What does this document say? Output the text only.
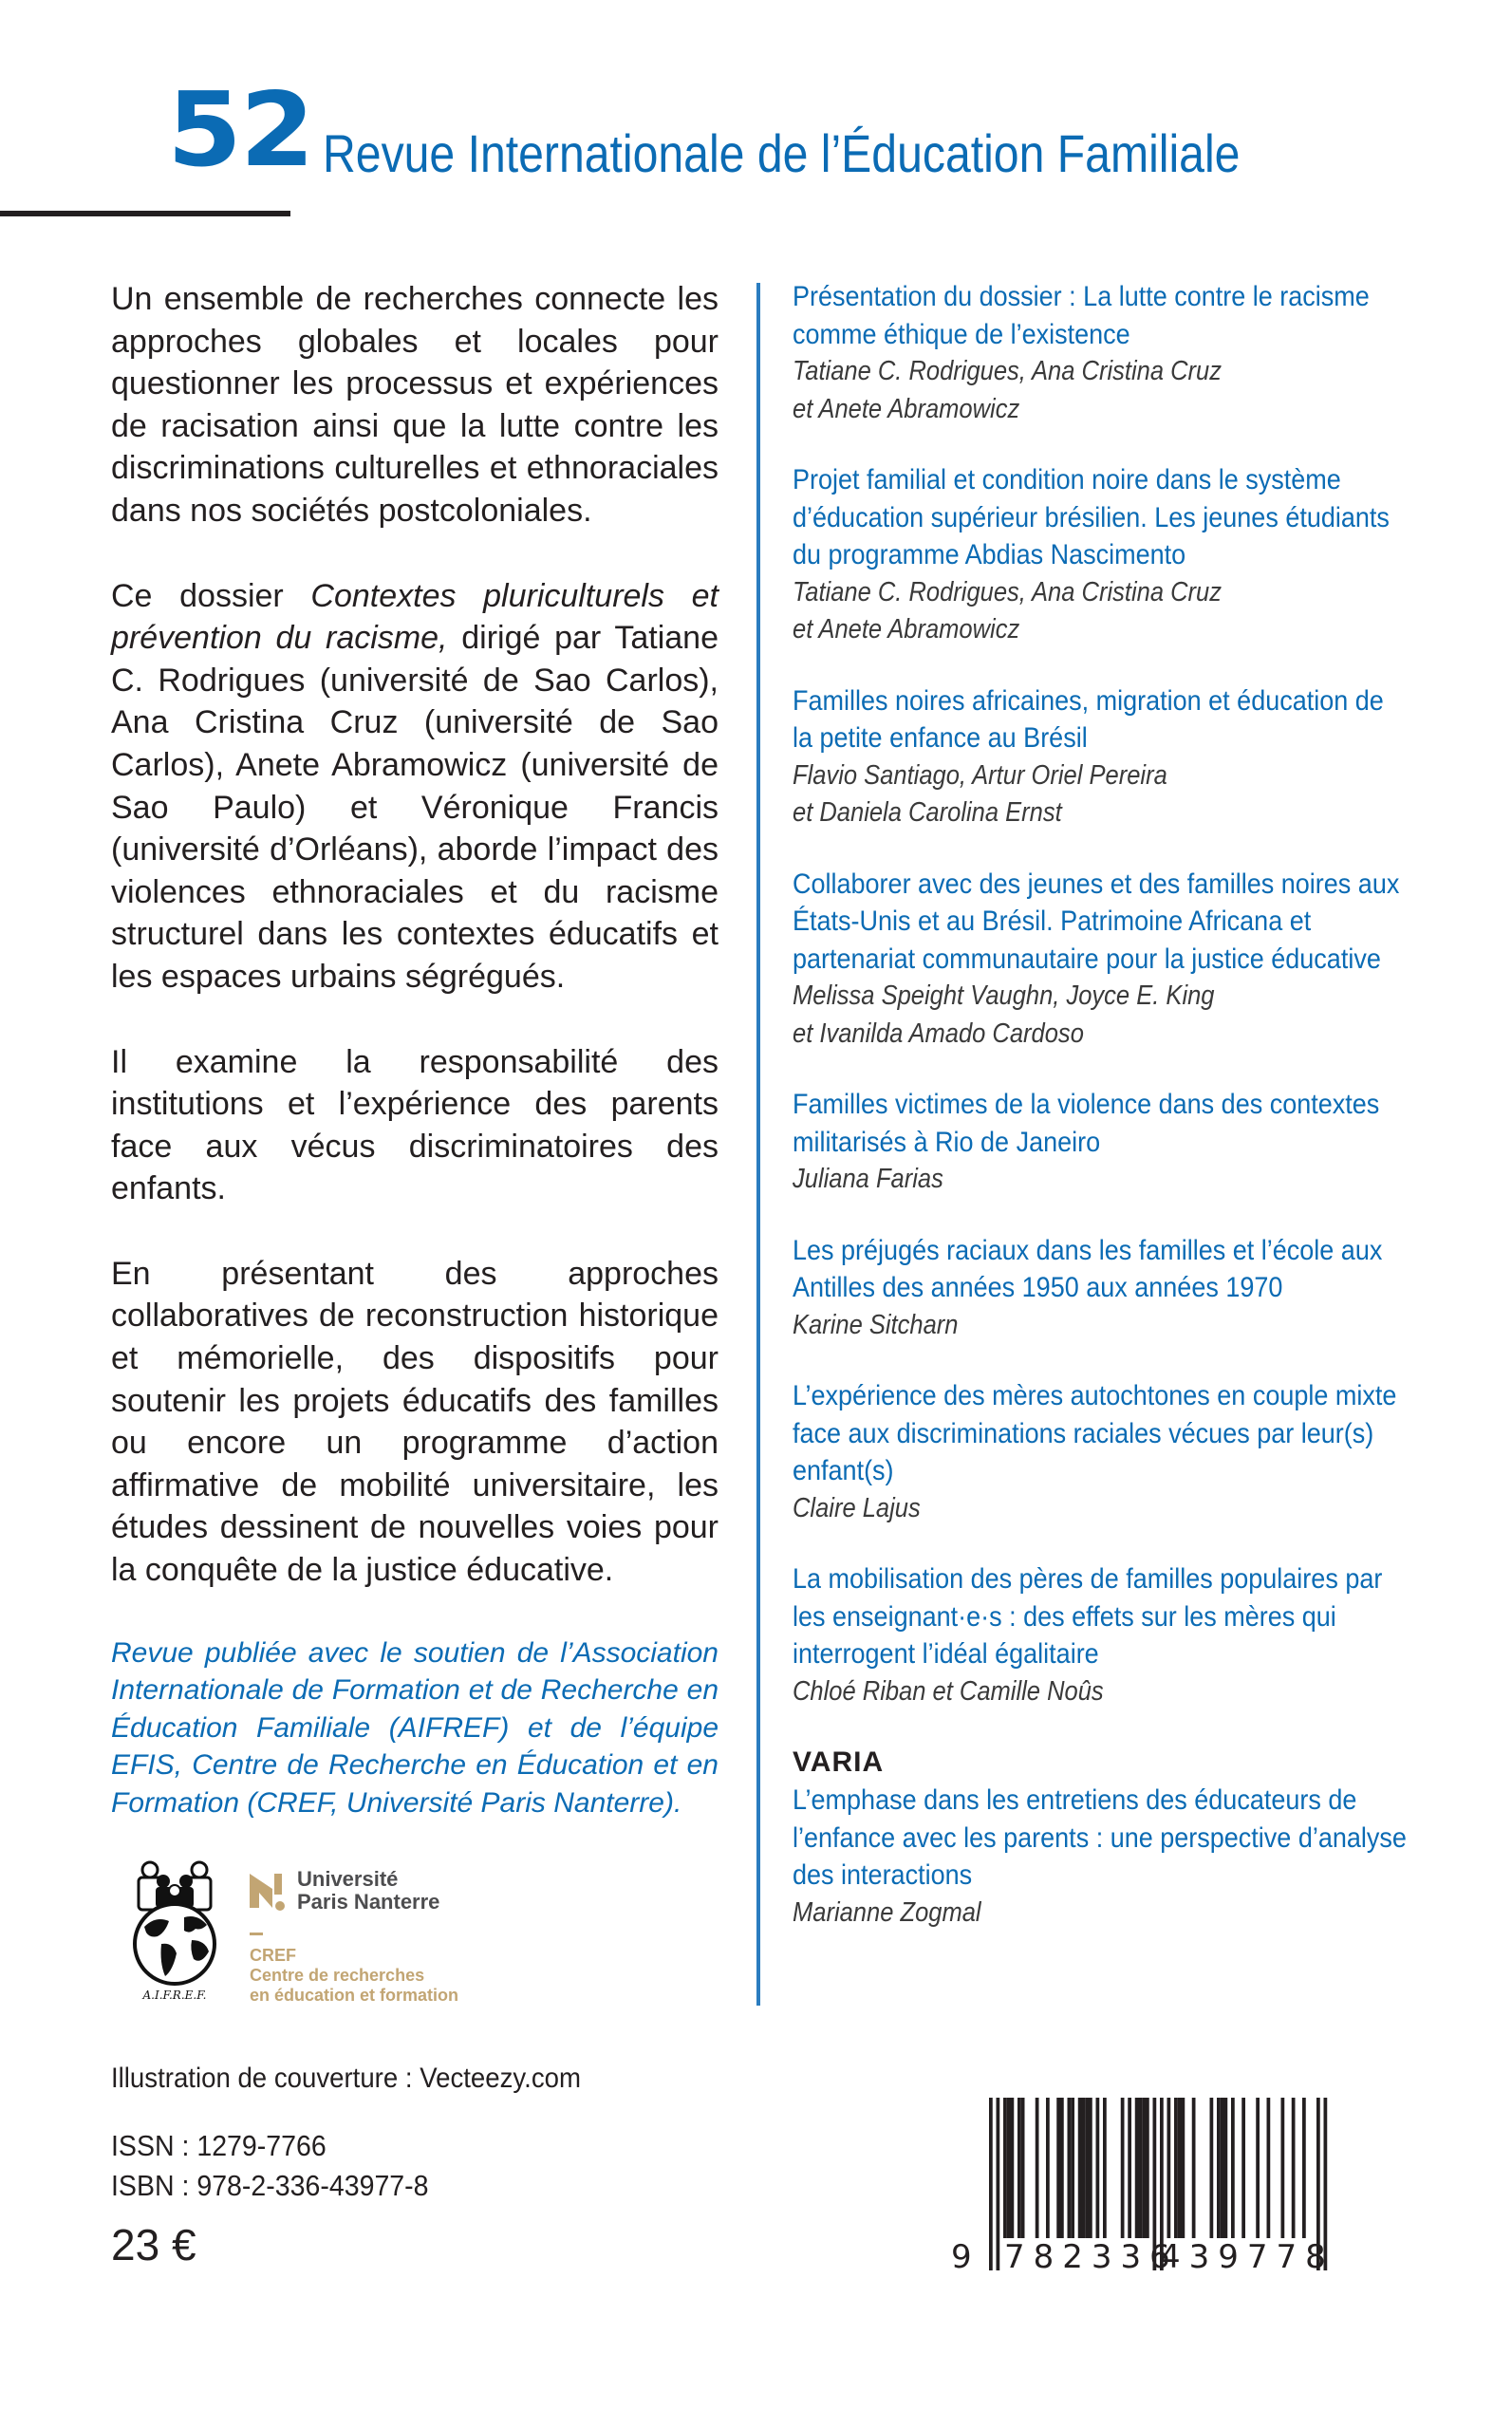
52 Revue Internationale de l’Éducation Familiale

Un ensemble de recherches connecte les approches globales et locales pour questionner les processus et expériences de racisation ainsi que la lutte contre les discriminations culturelles et ethnoraciales dans nos sociétés postcoloniales.

Ce dossier Contextes pluriculturels et prévention du racisme, dirigé par Tatiane C. Rodrigues (université de Sao Carlos), Ana Cristina Cruz (université de Sao Carlos), Anete Abramowicz (université de Sao Paulo) et Véronique Francis (université d’Orléans), aborde l’impact des violences ethnoraciales et du racisme structurel dans les contextes éducatifs et les espaces urbains ségrégués.

Il examine la responsabilité des institutions et l’expérience des parents face aux vécus discriminatoires des enfants.

En présentant des approches collaboratives de reconstruction historique et mémorielle, des dispositifs pour soutenir les projets éducatifs des familles ou encore un programme d’action affirmative de mobilité universitaire, les études dessinent de nouvelles voies pour la conquête de la justice éducative.

Revue publiée avec le soutien de l’Association Internationale de Formation et de Recherche en Éducation Familiale (AIFREF) et de l’équipe EFIS, Centre de Recherche en Éducation et en Formation (CREF, Université Paris Nanterre).
Présentation du dossier : La lutte contre le racisme comme éthique de l’existence
Tatiane C. Rodrigues, Ana Cristina Cruz
et Anete Abramowicz
Projet familial et condition noire dans le système d’éducation supérieur brésilien. Les jeunes étudiants du programme Abdias Nascimento
Tatiane C. Rodrigues, Ana Cristina Cruz
et Anete Abramowicz
Familles noires africaines, migration et éducation de la petite enfance au Brésil
Flavio Santiago, Artur Oriel Pereira
et Daniela Carolina Ernst
Collaborer avec des jeunes et des familles noires aux États-Unis et au Brésil. Patrimoine Africana et partenariat communautaire pour la justice éducative
Melissa Speight Vaughn, Joyce E. King
et Ivanilda Amado Cardoso
Familles victimes de la violence dans des contextes militarisés à Rio de Janeiro
Juliana Farias
Les préjugés raciaux dans les familles et l’école aux Antilles des années 1950 aux années 1970
Karine Sitcharn
L’expérience des mères autochtones en couple mixte face aux discriminations raciales vécues par leur(s) enfant(s)
Claire Lajus
La mobilisation des pères de familles populaires par les enseignant·e·s : des effets sur les mères qui interrogent l’idéal égalitaire
Chloé Riban et Camille Noûs
VARIA
L’emphase dans les entretiens des éducateurs de l’enfance avec les parents : une perspective d’analyse des interactions
Marianne Zogmal
A.I.F.R.E.F.
Université
Paris Nanterre
CREF
Centre de recherches
en éducation et formation
Illustration de couverture : Vecteezy.com
ISSN : 1279-7766
ISBN : 978-2-336-43977-8
23 €	9 782336
439778
